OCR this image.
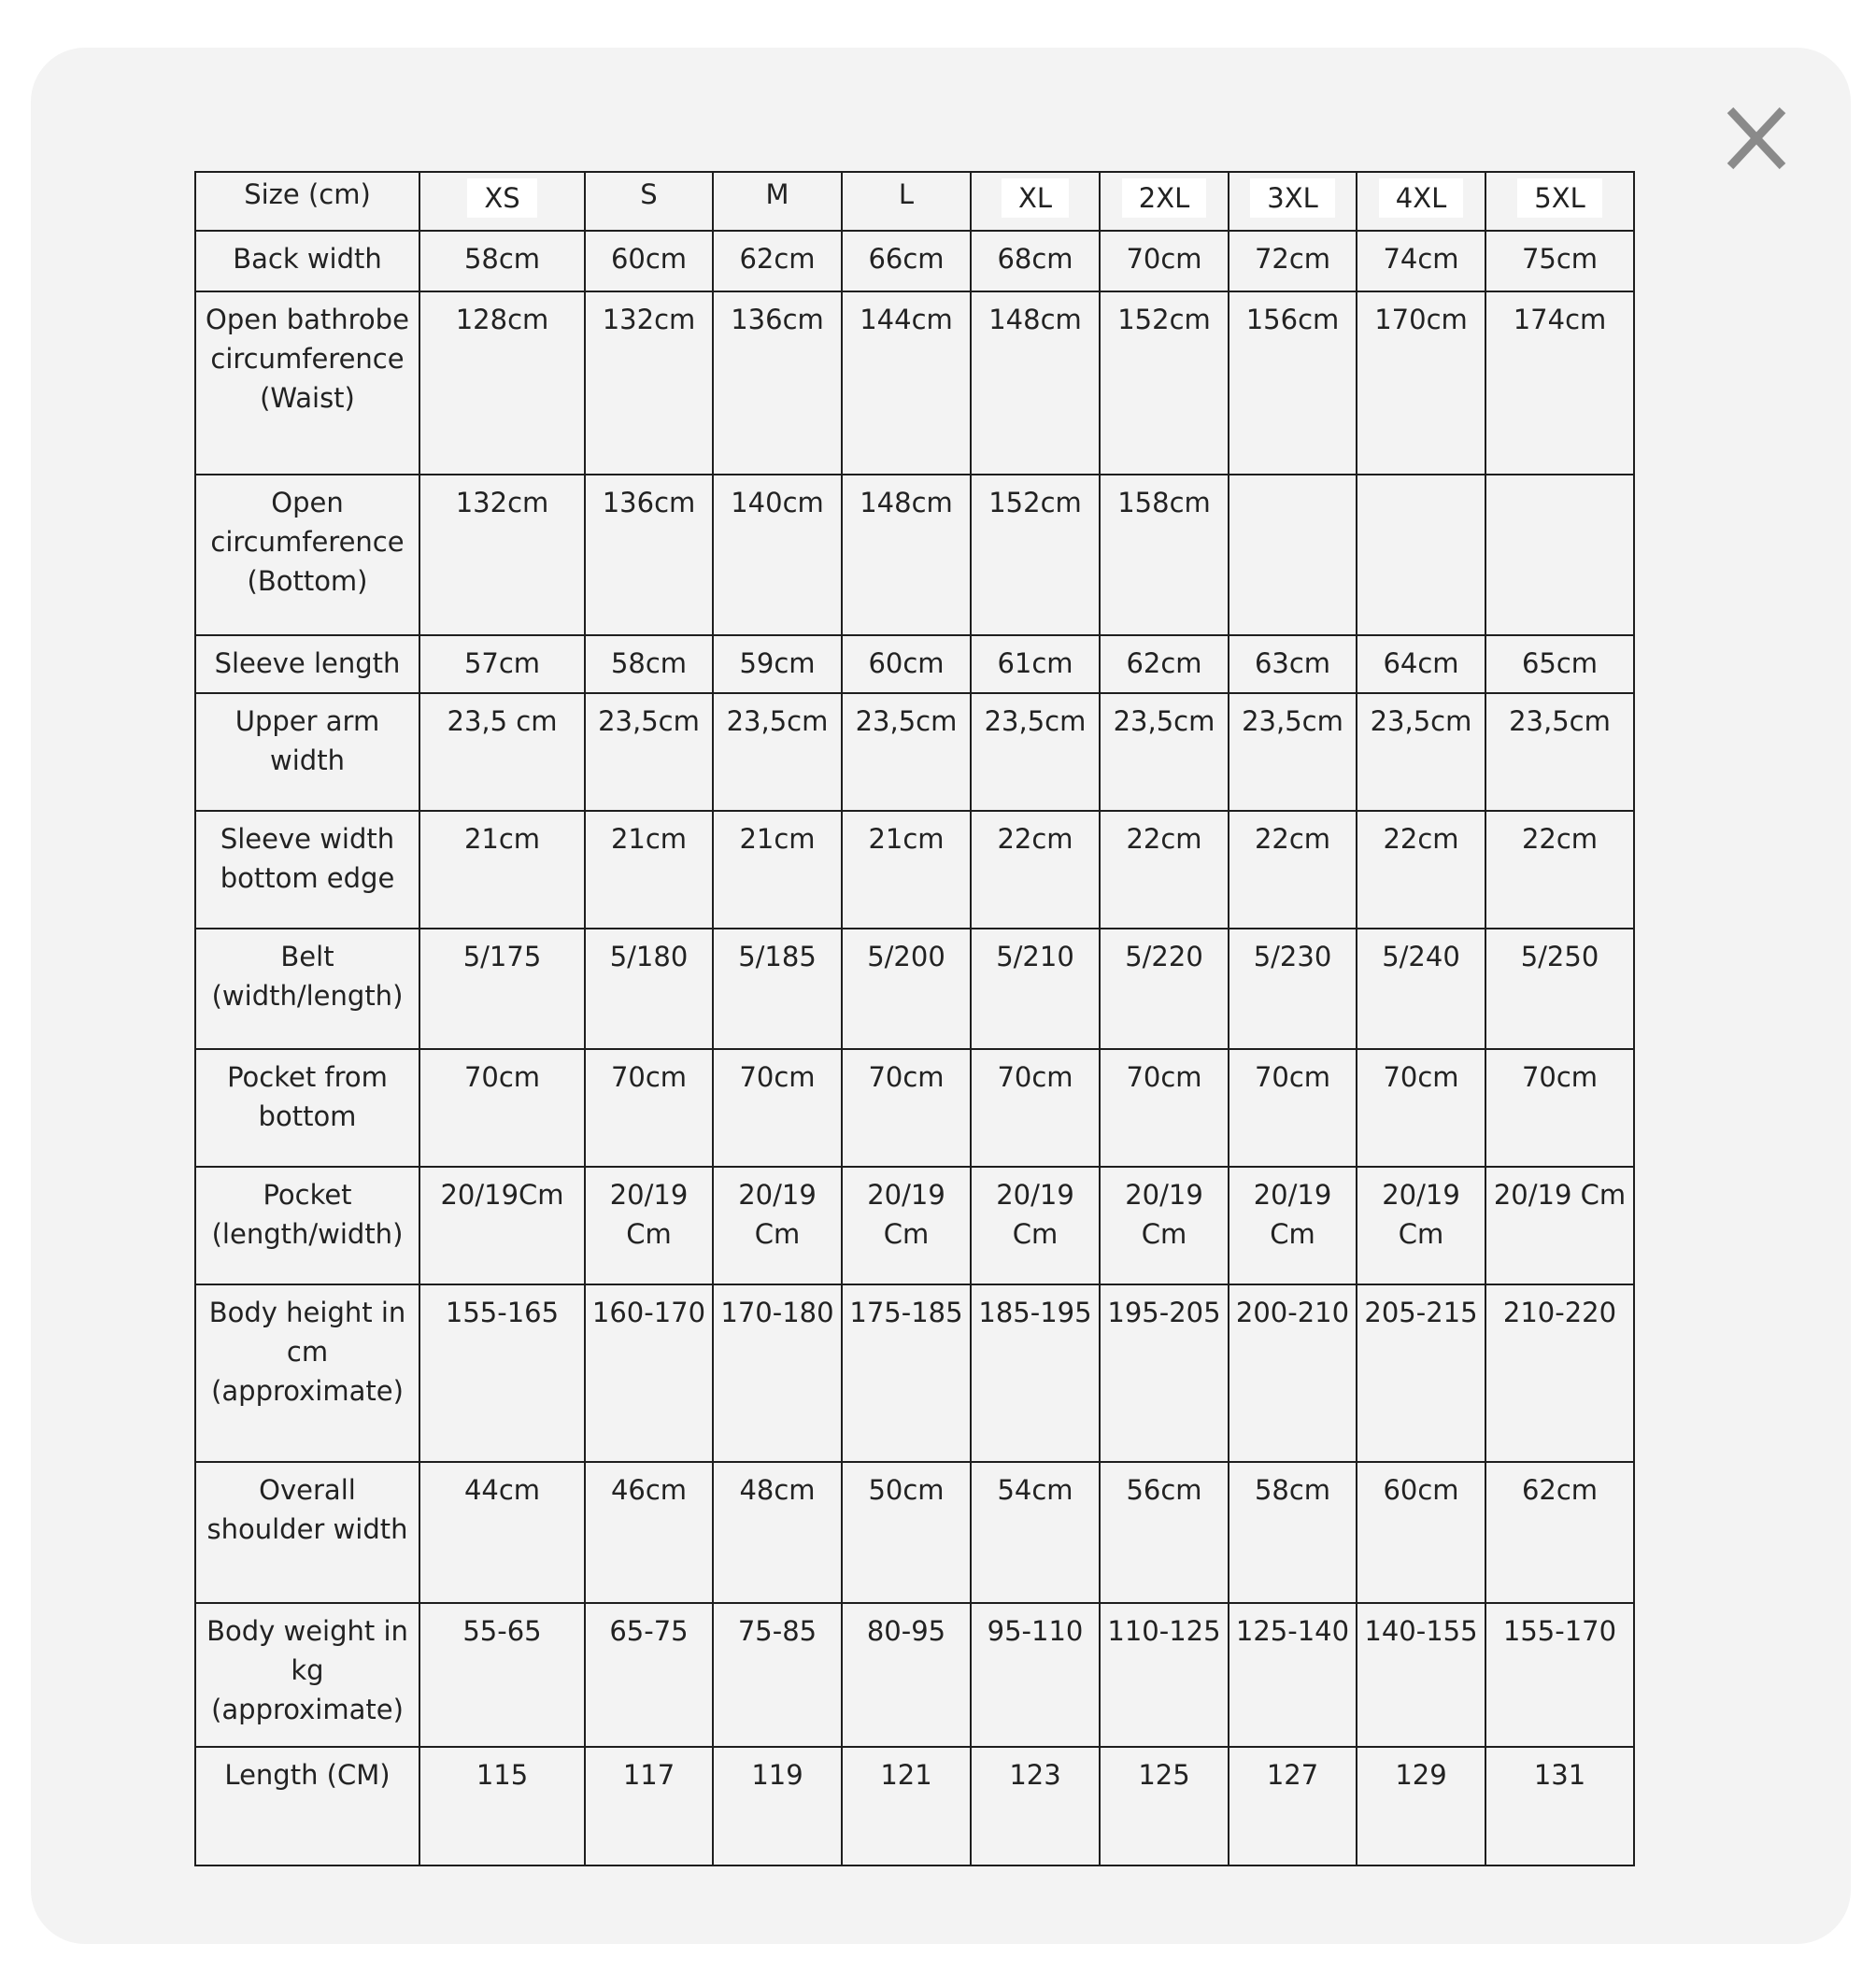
Size (cm)	XS	S	M	L	XL	2XL	3XL	4XL	5XL
Back width	58cm	60cm	62cm	66cm	68cm	70cm	72cm	74cm	75cm
Open bathrobe circumference (Waist)	128cm	132cm	136cm	144cm	148cm	152cm	156cm	170cm	174cm
Open circumference (Bottom)	132cm	136cm	140cm	148cm	152cm	158cm			
Sleeve length	57cm	58cm	59cm	60cm	61cm	62cm	63cm	64cm	65cm
Upper arm width	23,5 cm	23,5cm	23,5cm	23,5cm	23,5cm	23,5cm	23,5cm	23,5cm	23,5cm
Sleeve width bottom edge	21cm	21cm	21cm	21cm	22cm	22cm	22cm	22cm	22cm
Belt (width/length)	5/175	5/180	5/185	5/200	5/210	5/220	5/230	5/240	5/250
Pocket from bottom	70cm	70cm	70cm	70cm	70cm	70cm	70cm	70cm	70cm
Pocket (length/width)	20/19Cm	20/19 Cm	20/19 Cm	20/19 Cm	20/19 Cm	20/19 Cm	20/19 Cm	20/19 Cm	20/19 Cm
Body height in cm (approximate)	155-165	160-170	170-180	175-185	185-195	195-205	200-210	205-215	210-220
Overall shoulder width	44cm	46cm	48cm	50cm	54cm	56cm	58cm	60cm	62cm
Body weight in kg (approximate)	55-65	65-75	75-85	80-95	95-110	110-125	125-140	140-155	155-170
Length (CM)	115	117	119	121	123	125	127	129	131
